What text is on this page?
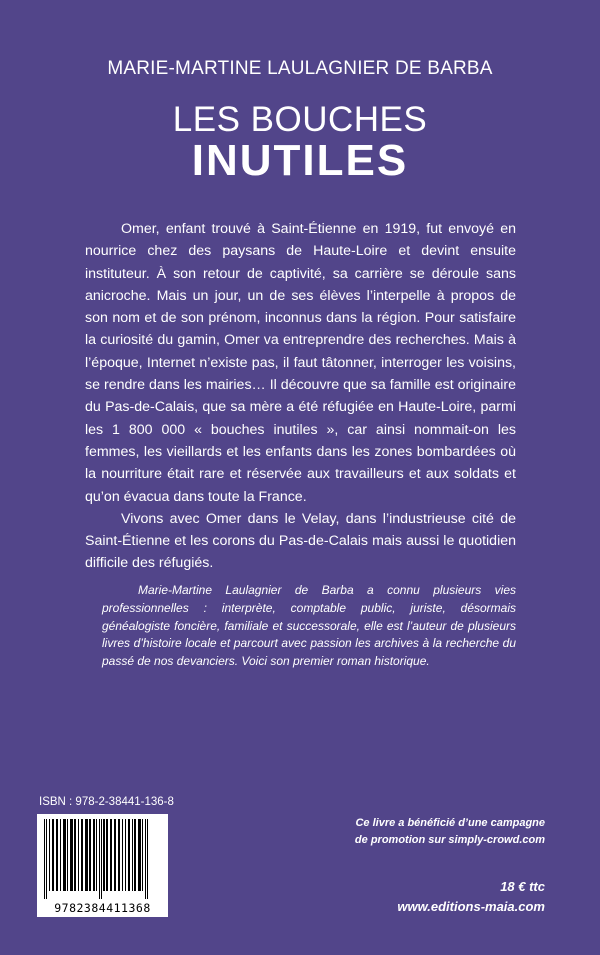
MARIE-MARTINE LAULAGNIER DE BARBA
LES BOUCHES
INUTILES

Omer, enfant trouvé à Saint-Étienne en 1919, fut envoyé en nourrice chez des paysans de Haute-Loire et devint ensuite instituteur. À son retour de captivité, sa carrière se déroule sans anicroche. Mais un jour, un de ses élèves l’interpelle à propos de son nom et de son prénom, inconnus dans la région. Pour satisfaire la curiosité du gamin, Omer va entreprendre des recherches. Mais à l’époque, Internet n’existe pas, il faut tâtonner, interroger les voisins, se rendre dans les mairies… Il découvre que sa famille est originaire du Pas-de-Calais, que sa mère a été réfugiée en Haute-Loire, parmi les 1 800 000 « bouches inutiles », car ainsi nommait-on les femmes, les vieillards et les enfants dans les zones bombardées où la nourriture était rare et réservée aux travailleurs et aux soldats et qu’on évacua dans toute la France.

Vivons avec Omer dans le Velay, dans l’industrieuse cité de Saint-Étienne et les corons du Pas-de-Calais mais aussi le quotidien difficile des réfugiés.

Marie-Martine Laulagnier de Barba a connu plusieurs vies professionnelles : interprète, comptable public, juriste, désormais généalogiste foncière, familiale et successorale, elle est l’auteur de plusieurs livres d’histoire locale et parcourt avec passion les archives à la recherche du passé de nos devanciers. Voici son premier roman historique.

ISBN : 978-2-38441-136-8
9782384411368
Ce livre a bénéficié d’une campagne
de promotion sur simply-crowd.com
18 € ttc
www.editions-maia.com
